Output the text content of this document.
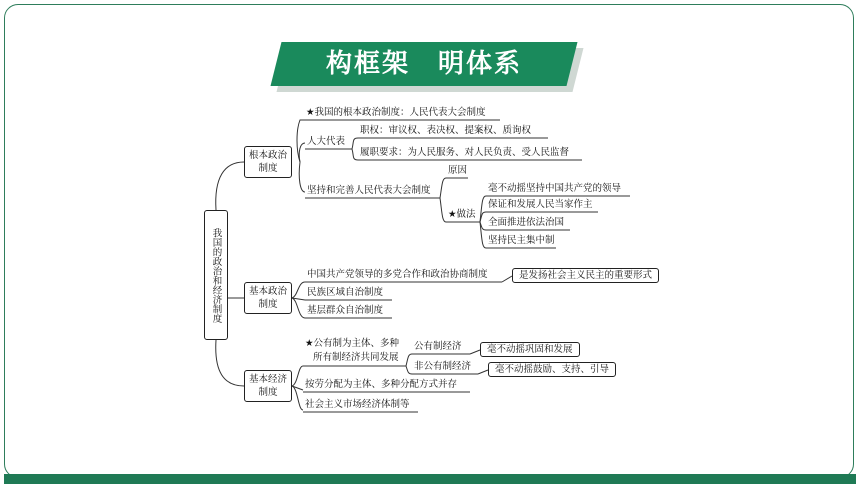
构框架　明体系
我国的政治和经济制度
根本政治制度
基本政治制度
基本经济制度
★我国的根本政治制度：人民代表大会制度
人大代表
职权：审议权、表决权、提案权、质询权
履职要求：为人民服务、对人民负责、受人民监督
坚持和完善人民代表大会制度
原因
★做法
毫不动摇坚持中国共产党的领导
保证和发展人民当家作主
全面推进依法治国
坚持民主集中制
中国共产党领导的多党合作和政治协商制度	是发扬社会主义民主的重要形式
民族区域自治制度
基层群众自治制度
★公有制为主体、多种
所有制经济共同发展
公有制经济	毫不动摇巩固和发展
非公有制经济	毫不动摇鼓励、支持、引导
按劳分配为主体、多种分配方式并存
社会主义市场经济体制等
